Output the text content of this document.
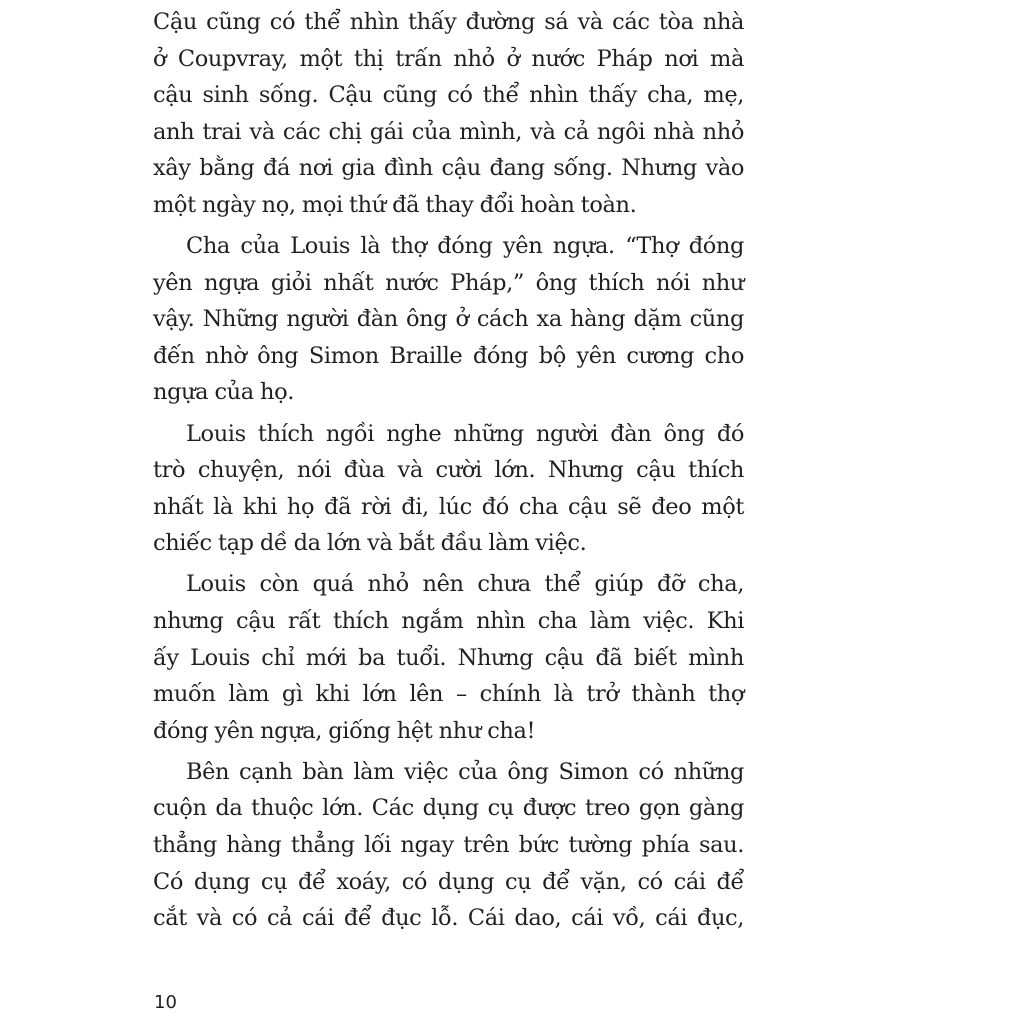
Cậu cũng có thể nhìn thấy đường sá và các tòa nhà
ở Coupvray, một thị trấn nhỏ ở nước Pháp nơi mà
cậu sinh sống. Cậu cũng có thể nhìn thấy cha, mẹ,
anh trai và các chị gái của mình, và cả ngôi nhà nhỏ
xây bằng đá nơi gia đình cậu đang sống. Nhưng vào
một ngày nọ, mọi thứ đã thay đổi hoàn toàn.
Cha của Louis là thợ đóng yên ngựa. “Thợ đóng
yên ngựa giỏi nhất nước Pháp,” ông thích nói như
vậy. Những người đàn ông ở cách xa hàng dặm cũng
đến nhờ ông Simon Braille đóng bộ yên cương cho
ngựa của họ.
Louis thích ngồi nghe những người đàn ông đó
trò chuyện, nói đùa và cười lớn. Nhưng cậu thích
nhất là khi họ đã rời đi, lúc đó cha cậu sẽ đeo một
chiếc tạp dề da lớn và bắt đầu làm việc.
Louis còn quá nhỏ nên chưa thể giúp đỡ cha,
nhưng cậu rất thích ngắm nhìn cha làm việc. Khi
ấy Louis chỉ mới ba tuổi. Nhưng cậu đã biết mình
muốn làm gì khi lớn lên – chính là trở thành thợ
đóng yên ngựa, giống hệt như cha!
Bên cạnh bàn làm việc của ông Simon có những
cuộn da thuộc lớn. Các dụng cụ được treo gọn gàng
thẳng hàng thẳng lối ngay trên bức tường phía sau.
Có dụng cụ để xoáy, có dụng cụ để vặn, có cái để
cắt và có cả cái để đục lỗ. Cái dao, cái vồ, cái đục,
10
